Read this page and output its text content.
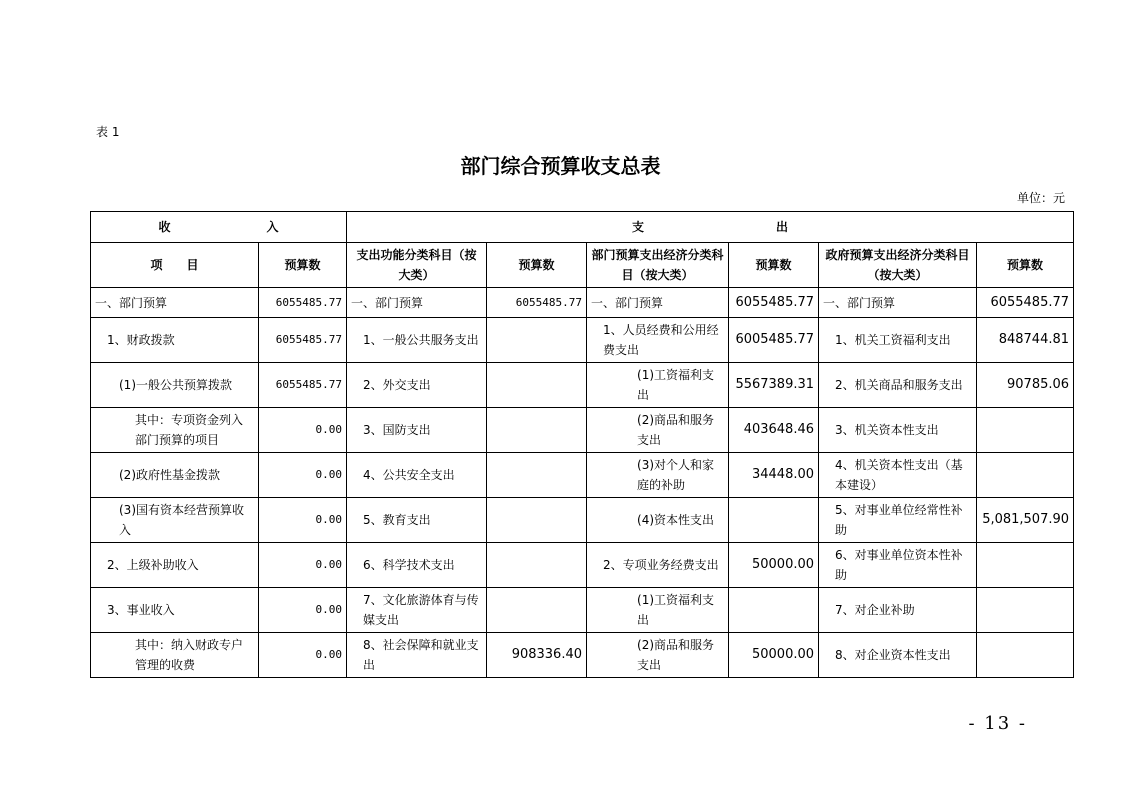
表 1
部门综合预算收支总表
单位：元
收　　　　　　　　入		支　　　　　　　　　　　出					
项　　目	预算数	支出功能分类科目（按大类）	预算数	部门预算支出经济分类科目（按大类）	预算数	政府预算支出经济分类科目（按大类）	预算数
一、部门预算	6055485.77	一、部门预算	6055485.77	一、部门预算	6055485.77	一、部门预算	6055485.77
1、财政拨款	6055485.77	1、一般公共服务支出		1、人员经费和公用经费支出	6005485.77	1、机关工资福利支出	848744.81
(1)一般公共预算拨款	6055485.77	2、外交支出		(1)工资福利支出	5567389.31	2、机关商品和服务支出	90785.06
其中：专项资金列入部门预算的项目	0.00	3、国防支出		(2)商品和服务支出	403648.46	3、机关资本性支出	
(2)政府性基金拨款	0.00	4、公共安全支出		(3)对个人和家庭的补助	34448.00	4、机关资本性支出（基本建设）	
(3)国有资本经营预算收入	0.00	5、教育支出		(4)资本性支出		5、对事业单位经常性补助	5,081,507.90
2、上级补助收入	0.00	6、科学技术支出		2、专项业务经费支出	50000.00	6、对事业单位资本性补助	
3、事业收入	0.00	7、文化旅游体育与传媒支出		(1)工资福利支出		7、对企业补助	
其中：纳入财政专户管理的收费	0.00	8、社会保障和就业支出	908336.40	(2)商品和服务支出	50000.00	8、对企业资本性支出	
- 13 -
